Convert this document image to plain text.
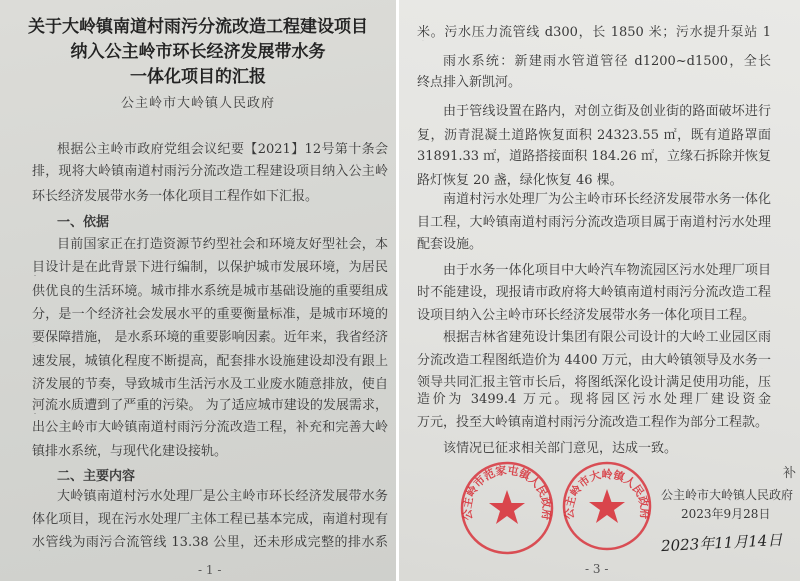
关于大岭镇南道村雨污分流改造工程建设项目
纳入公主岭市环长经济发展带水务
一体化项目的汇报
公主岭市大岭镇人民政府
根据公主岭市政府党组会议纪要【2021】12号第十条会
排，现将大岭镇南道村雨污分流改造工程建设项目纳入公主岭
环长经济发展带水务一体化项目工程作如下汇报。
一、依据
目前国家正在打造资源节约型社会和环境友好型社会，本
目设计是在此背景下进行编制，以保护城市发展环境，为居民
供优良的生活环境。城市排水系统是城市基础设施的重要组成
分，是一个经济社会发展水平的重要衡量标准，是城市环境的
要保障措施， 是水系环境的重要影响因素。近年来，我省经济
速发展，城镇化程度不断提高，配套排水设施建设却没有跟上
济发展的节奏，导致城市生活污水及工业废水随意排放，使自
河流水质遭到了严重的污染。 为了适应城市建设的发展需求，
出公主岭市大岭镇南道村雨污分流改造工程，补充和完善大岭
镇排水系统，与现代化建设接轨。
二、主要内容
大岭镇南道村污水处理厂是公主岭市环长经济发展带水务
体化项目，现在污水处理厂主体工程已基本完成，南道村现有
水管线为雨污合流管线 13.38 公里，还未形成完整的排水系
- 1 -
米。污水压力流管线 d300，长 1850 米；污水提升泵站 1
雨水系统：新建雨水管道管径 d1200~d1500，全长
终点排入新凯河。
由于管线设置在路内，对创立街及创业街的路面破坏进行
复，沥青混凝土道路恢复面积 24323.55 ㎡，既有道路罩面
31891.33 ㎡，道路搭接面积 184.26 ㎡，立缘石拆除并恢复
路灯恢复 20 盏，绿化恢复 46 棵。
南道村污水处理厂为公主岭市环长经济发展带水务一体化
目工程，大岭镇南道村雨污分流改造项目属于南道村污水处理
配套设施。
由于水务一体化项目中大岭汽车物流园区污水处理厂项目
时不能建设，现报请市政府将大岭镇南道村雨污分流改造工程
设项目纳入公主岭市环长经济发展带水务一体化项目工程。
根据吉林省建苑设计集团有限公司设计的大岭工业园区雨
分流改造工程图纸造价为 4400 万元，由大岭镇领导及水务一
领导共同汇报主管市长后，将图纸深化设计满足使用功能，压
造价为 3499.4 万元。现将园区污水处理厂建设资金
万元，投至大岭镇南道村雨污分流改造工程作为部分工程款。
该情况已征求相关部门意见，达成一致。
公主岭市大岭镇人民政府
2023年9月28日
补
公主岭市范家屯镇人民政府 公主岭市大岭镇人民政府
2023年11月14日
- 3 -
